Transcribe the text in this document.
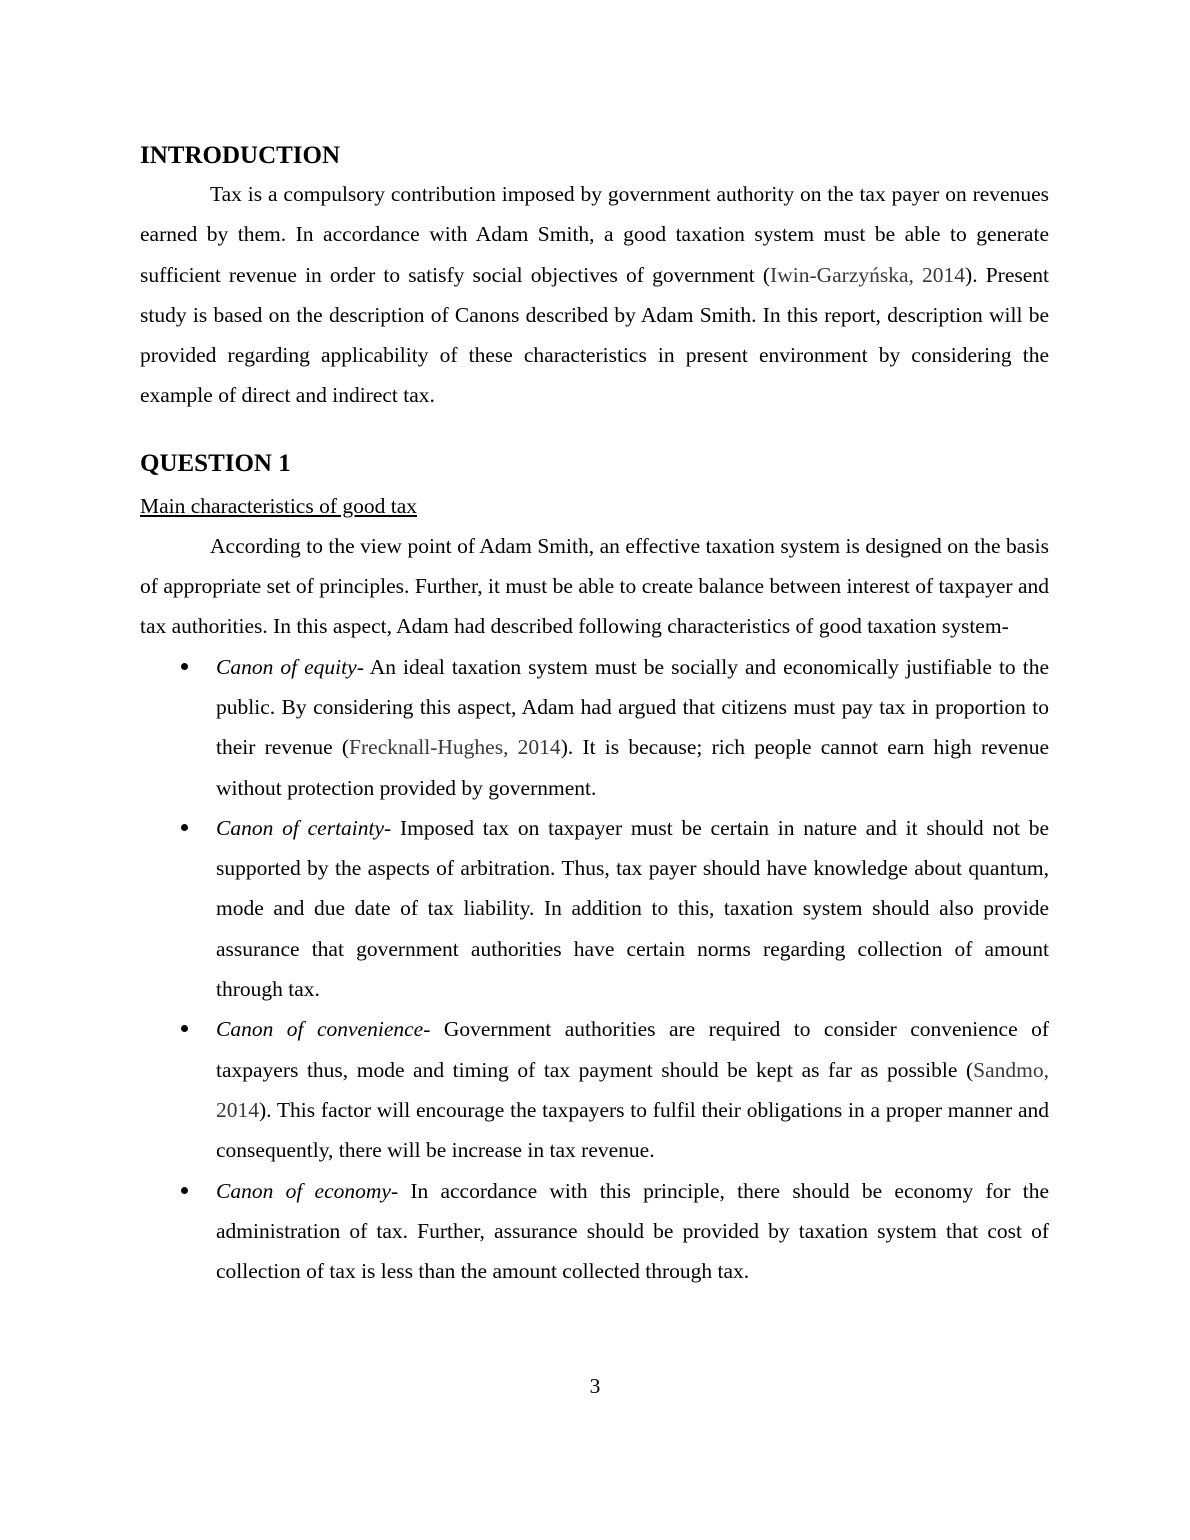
INTRODUCTION

Tax is a compulsory contribution imposed by government authority on the tax payer on revenues earned by them. In accordance with Adam Smith, a good taxation system must be able to generate sufficient revenue in order to satisfy social objectives of government (Iwin-Garzyńska, 2014). Present study is based on the description of Canons described by Adam Smith. In this report, description will be provided regarding applicability of these characteristics in present environment by considering the example of direct and indirect tax.

QUESTION 1
Main characteristics of good tax

According to the view point of Adam Smith, an effective taxation system is designed on the basis of appropriate set of principles. Further, it must be able to create balance between interest of taxpayer and tax authorities. In this aspect, Adam had described following characteristics of good taxation system-

Canon of equity- An ideal taxation system must be socially and economically justifiable to the public. By considering this aspect, Adam had argued that citizens must pay tax in proportion to their revenue (Frecknall-Hughes, 2014). It is because; rich people cannot earn high revenue without protection provided by government.
Canon of certainty- Imposed tax on taxpayer must be certain in nature and it should not be supported by the aspects of arbitration. Thus, tax payer should have knowledge about quantum, mode and due date of tax liability. In addition to this, taxation system should also provide assurance that government authorities have certain norms regarding collection of amount through tax.
Canon of convenience- Government authorities are required to consider convenience of taxpayers thus, mode and timing of tax payment should be kept as far as possible (Sandmo, 2014). This factor will encourage the taxpayers to fulfil their obligations in a proper manner and consequently, there will be increase in tax revenue.
Canon of economy- In accordance with this principle, there should be economy for the administration of tax. Further, assurance should be provided by taxation system that cost of collection of tax is less than the amount collected through tax.
3
